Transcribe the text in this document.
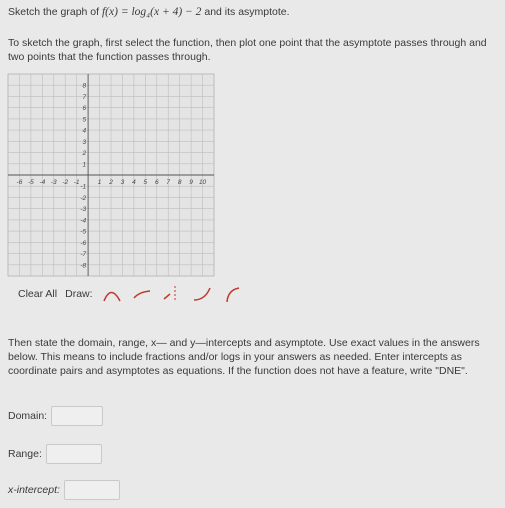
Sketch the graph of f(x) = log₄(x + 4) − 2 and its asymptote.
To sketch the graph, first select the function, then plot one point that the asymptote passes through and two points that the function passes through.
-6 -5 -4 -3 -2 -1	1 2 3 4 5 6 7 8 9 10
8
7
6
5
4
3
2
1
-1
-2
-3
-4
-5
-6
-7
-8
Clear All Draw:
Then state the domain, range, x— and y—intercepts and asymptote. Use exact values in the answers below. This means to include fractions and/or logs in your answers as needed. Enter intercepts as coordinate pairs and asymptotes as equations. If the function does not have a feature, write "DNE".
Domain:
Range:
x-intercept:
